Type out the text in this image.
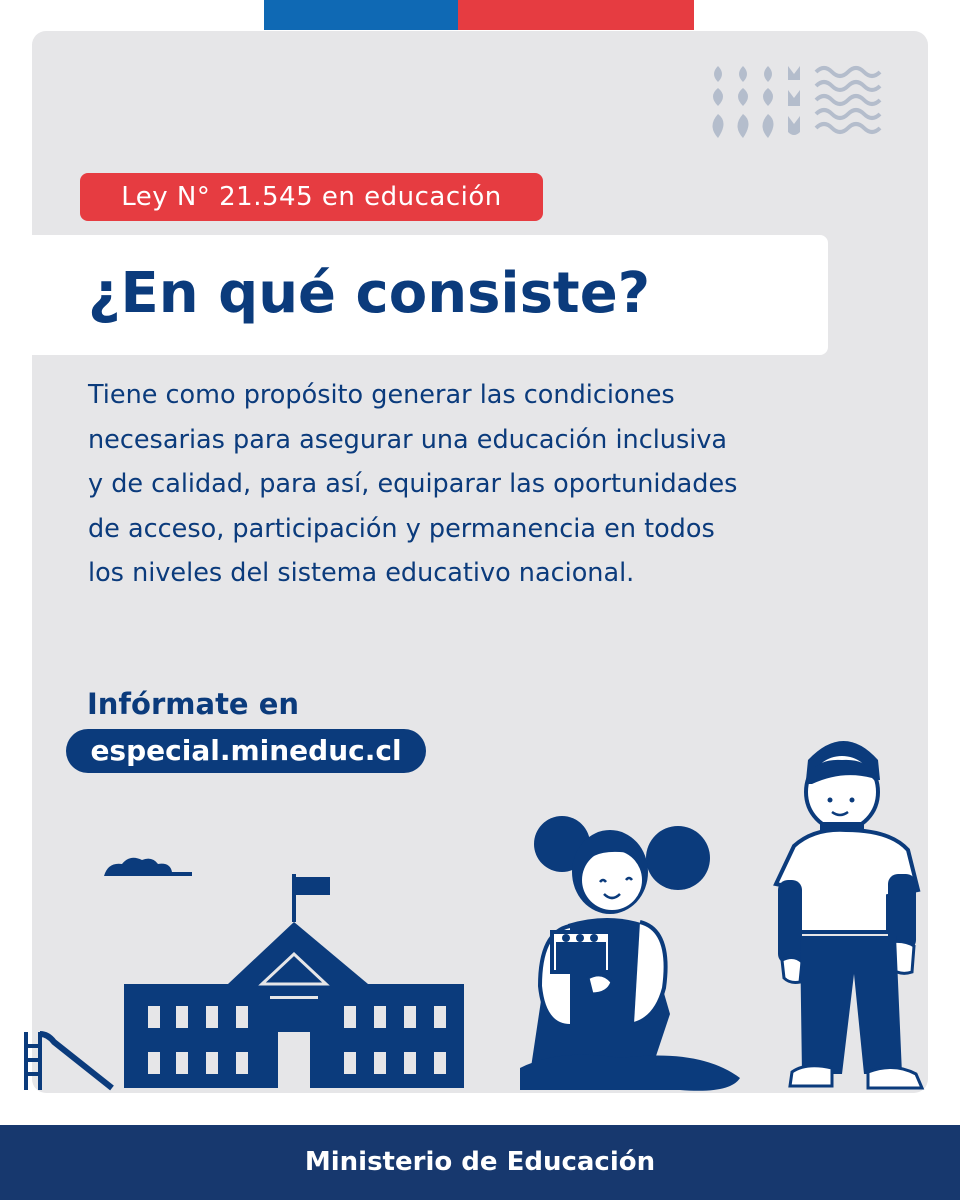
Ley N° 21.545 en educación
¿En qué consiste?
Tiene como propósito generar las condiciones
necesarias para asegurar una educación inclusiva
y de calidad, para así, equiparar las oportunidades
de acceso, participación y permanencia en todos
los niveles del sistema educativo nacional.
Infórmate en
especial.mineduc.cl
Ministerio de Educación
